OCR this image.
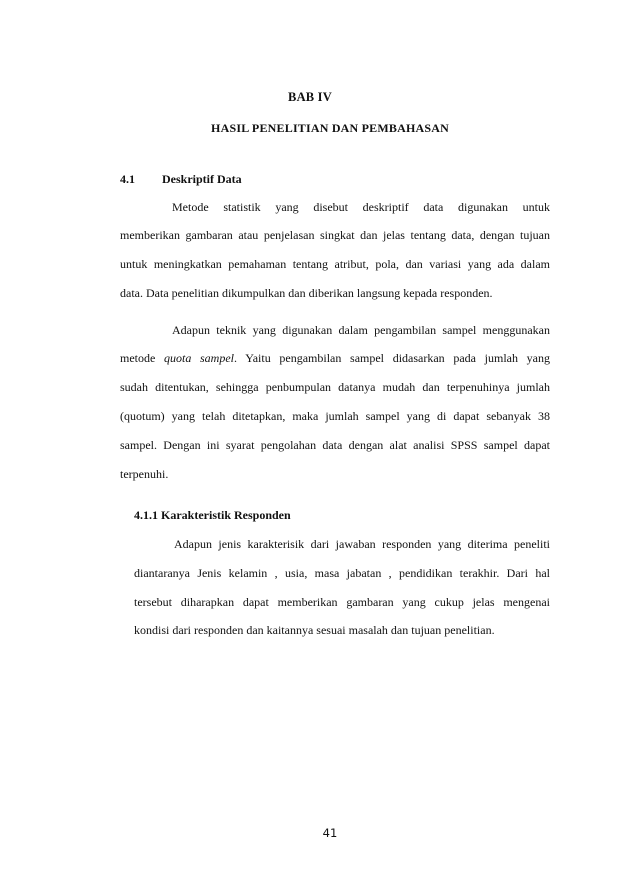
BAB IV
HASIL PENELITIAN DAN PEMBAHASAN
4.1 Deskriptif Data
Metode statistik yang disebut deskriptif data digunakan untuk
memberikan gambaran atau penjelasan singkat dan jelas tentang data, dengan tujuan
untuk meningkatkan pemahaman tentang atribut, pola, dan variasi yang ada dalam
data. Data penelitian dikumpulkan dan diberikan langsung kepada responden.
Adapun teknik yang digunakan dalam pengambilan sampel menggunakan
metode quota sampel. Yaitu pengambilan sampel didasarkan pada jumlah yang
sudah ditentukan, sehingga penbumpulan datanya mudah dan terpenuhinya jumlah
(quotum) yang telah ditetapkan, maka jumlah sampel yang di dapat sebanyak 38
sampel. Dengan ini syarat pengolahan data dengan alat analisi SPSS sampel dapat
terpenuhi.
4.1.1 Karakteristik Responden
Adapun jenis karakterisik dari jawaban responden yang diterima peneliti
diantaranya Jenis kelamin , usia, masa jabatan , pendidikan terakhir. Dari hal
tersebut diharapkan dapat memberikan gambaran yang cukup jelas mengenai
kondisi dari responden dan kaitannya sesuai masalah dan tujuan penelitian.
41
